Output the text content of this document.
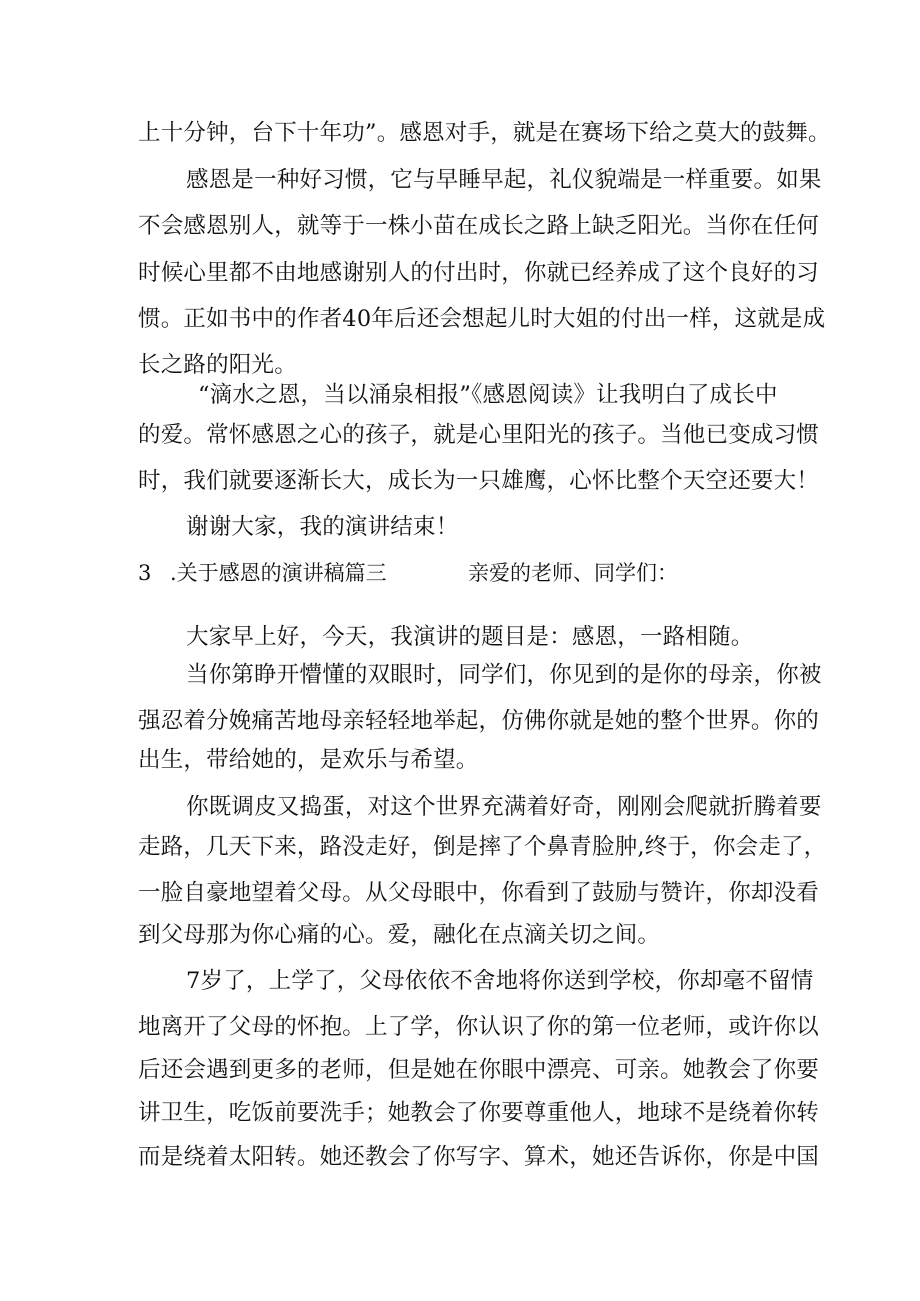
上十分钟，台下十年功”。感恩对手，就是在赛场下给之莫大的鼓舞。
感恩是一种好习惯，它与早睡早起，礼仪貌端是一样重要。如果
不会感恩别人，就等于一株小苗在成长之路上缺乏阳光。当你在任何
时候心里都不由地感谢别人的付出时，你就已经养成了这个良好的习
惯。正如书中的作者40年后还会想起儿时大姐的付出一样，这就是成
长之路的阳光。
“滴水之恩，当以涌泉相报”《感恩阅读》让我明白了成长中
的爱。常怀感恩之心的孩子，就是心里阳光的孩子。当他已变成习惯
时，我们就要逐渐长大，成长为一只雄鹰，心怀比整个天空还要大！
谢谢大家，我的演讲结束！
3 .关于感恩的演讲稿篇三	亲爱的老师、同学们：
大家早上好，今天，我演讲的题目是：感恩，一路相随。
当你第睁开懵懂的双眼时，同学们，你见到的是你的母亲，你被
强忍着分娩痛苦地母亲轻轻地举起，仿佛你就是她的整个世界。你的
出生，带给她的，是欢乐与希望。
你既调皮又捣蛋，对这个世界充满着好奇，刚刚会爬就折腾着要
走路，几天下来，路没走好，倒是摔了个鼻青脸肿,终于，你会走了，
一脸自豪地望着父母。从父母眼中，你看到了鼓励与赞许，你却没看
到父母那为你心痛的心。爱，融化在点滴关切之间。
7岁了，上学了，父母依依不舍地将你送到学校，你却毫不留情
地离开了父母的怀抱。上了学，你认识了你的第一位老师，或许你以
后还会遇到更多的老师，但是她在你眼中漂亮、可亲。她教会了你要
讲卫生，吃饭前要洗手；她教会了你要尊重他人，地球不是绕着你转
而是绕着太阳转。她还教会了你写字、算术，她还告诉你，你是中国
